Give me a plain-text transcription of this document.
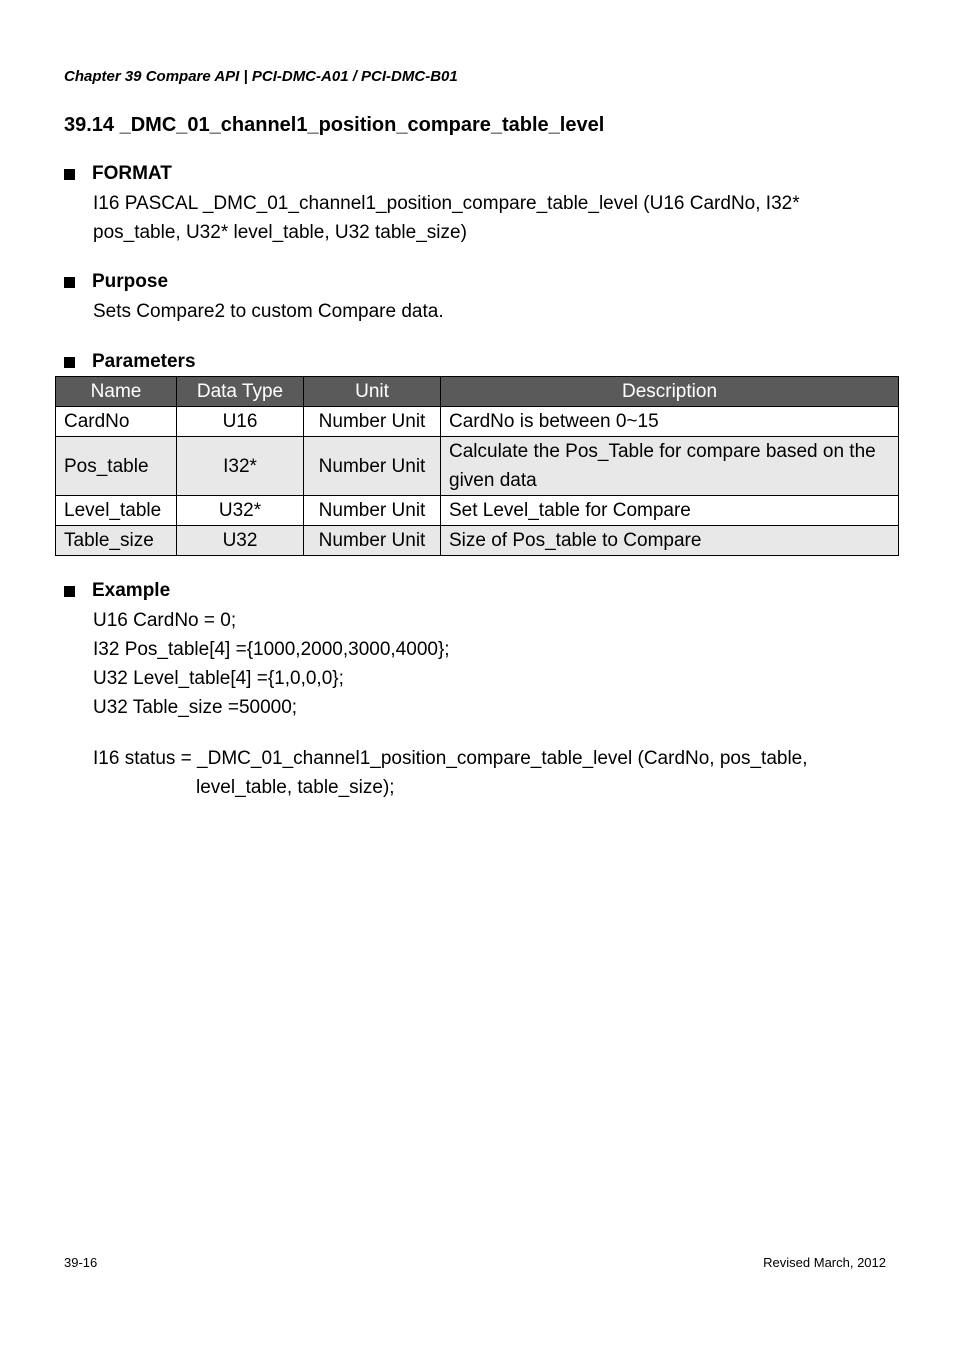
Chapter 39 Compare API | PCI-DMC-A01 / PCI-DMC-B01
39.14 _DMC_01_channel1_position_compare_table_level
FORMAT
I16 PASCAL _DMC_01_channel1_position_compare_table_level (U16 CardNo, I32*
pos_table, U32* level_table, U32 table_size)
Purpose
Sets Compare2 to custom Compare data.
Parameters
Name	Data Type	Unit	Description
CardNo	U16	Number Unit	CardNo is between 0~15
Pos_table	I32*	Number Unit	Calculate the Pos_Table for compare based on the given data
Level_table	U32*	Number Unit	Set Level_table for Compare
Table_size	U32	Number Unit	Size of Pos_table to Compare
Example
U16 CardNo = 0;
I32 Pos_table[4] ={1000,2000,3000,4000};
U32 Level_table[4] ={1,0,0,0};
U32 Table_size =50000;
I16 status = _DMC_01_channel1_position_compare_table_level (CardNo, pos_table,
level_table, table_size);
39-16	Revised March, 2012
